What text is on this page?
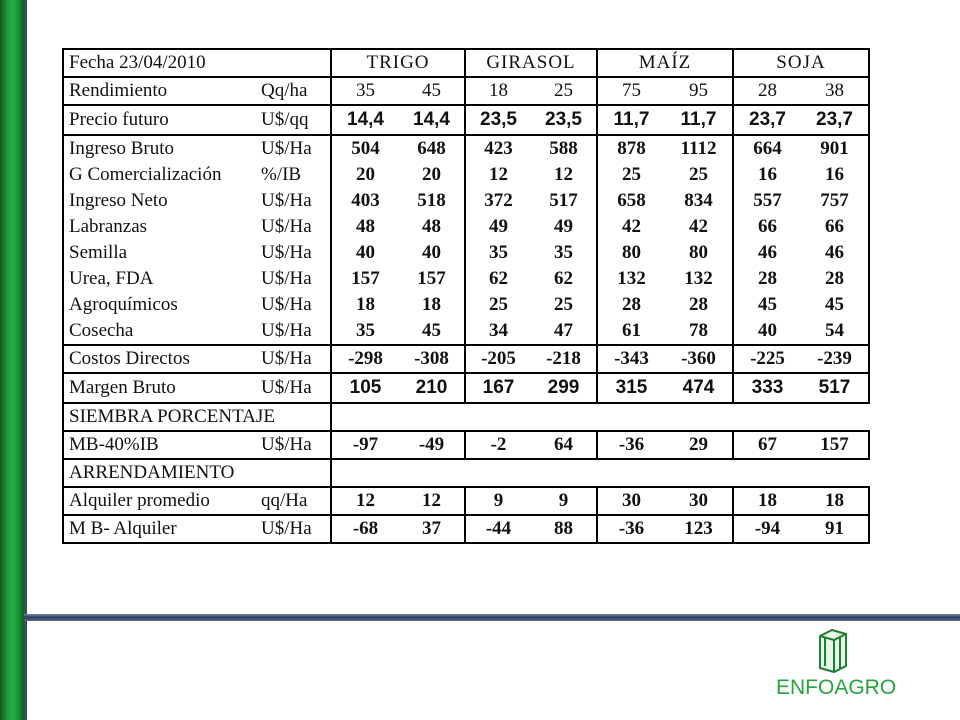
Fecha 23/04/2010		TRIGO		GIRASOL		MAÍZ		SOJA	
Rendimiento	Qq/ha	35	45	18	25	75	95	28	38
Precio futuro	U$/qq	14,4	14,4	23,5	23,5	11,7	11,7	23,7	23,7
Ingreso Bruto	U$/Ha	504	648	423	588	878	1112	664	901
G Comercialización	%/IB	20	20	12	12	25	25	16	16
Ingreso Neto	U$/Ha	403	518	372	517	658	834	557	757
Labranzas	U$/Ha	48	48	49	49	42	42	66	66
Semilla	U$/Ha	40	40	35	35	80	80	46	46
Urea, FDA	U$/Ha	157	157	62	62	132	132	28	28
Agroquímicos	U$/Ha	18	18	25	25	28	28	45	45
Cosecha	U$/Ha	35	45	34	47	61	78	40	54
Costos Directos	U$/Ha	-298	-308	-205	-218	-343	-360	-225	-239
Margen Bruto	U$/Ha	105	210	167	299	315	474	333	517
SIEMBRA PORCENTAJE									
MB-40%IB	U$/Ha	-97	-49	-2	64	-36	29	67	157
ARRENDAMIENTO									
Alquiler promedio	qq/Ha	12	12	9	9	30	30	18	18
M B- Alquiler	U$/Ha	-68	37	-44	88	-36	123	-94	91
ENFOAGRO
